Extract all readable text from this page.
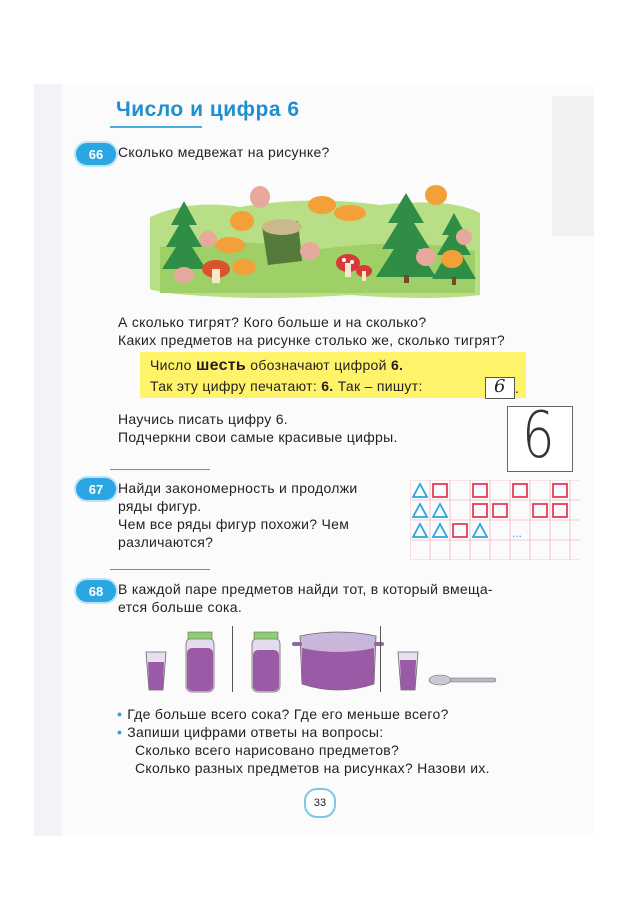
Число и цифра 6
66	Сколько медвежат на рисунке?
А сколько тигрят? Кого больше и на сколько?
Каких предметов на рисунке столько же, сколько тигрят?
Число шесть обозначают цифрой 6.
Так эту цифру печатают: 6. Так – пишут:	6 .
Научись писать цифру 6.
Подчеркни свои самые красивые цифры. 6
67	Найди закономерность и продолжи
ряды фигур.
Чем все ряды фигур похожи? Чем
различаются?
...
68	В каждой паре предметов найди тот, в который вмеща-
ется больше сока.
• Где больше всего сока? Где его меньше всего?
• Запиши цифрами ответы на вопросы:
Сколько всего нарисовано предметов?
Сколько разных предметов на рисунках? Назови их.
33
